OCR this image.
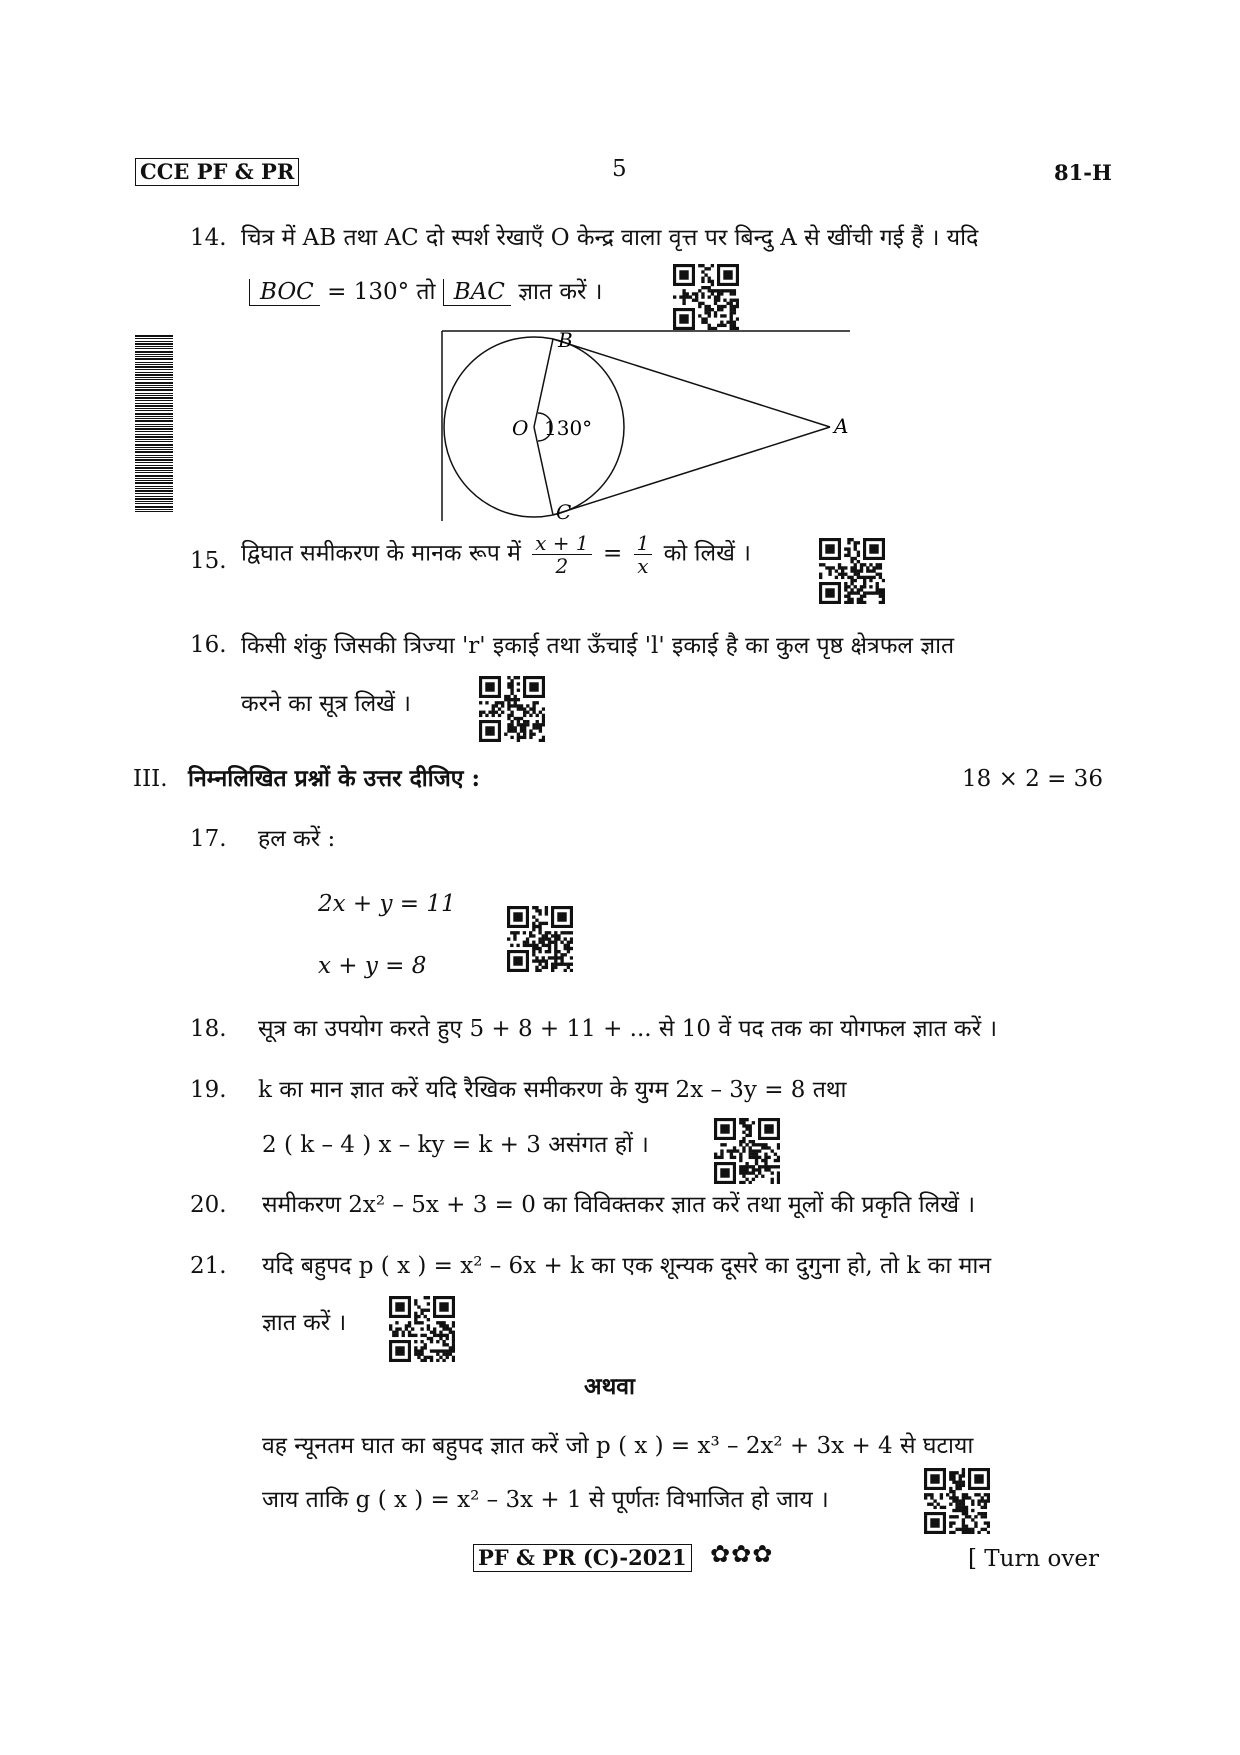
CCE PF & PR	5	81-H
14. चित्र में AB तथा AC दो स्पर्श रेखाएँ O केन्द्र वाला वृत्त पर बिन्दु A से खींची गई हैं । यदि
BOC = 130° तो BAC ज्ञात करें ।
B
O 130°	A
C
15. द्विघात समीकरण के मानक रूप में $\frac{x + 1}{2} = \frac{1}{x}$ को लिखें ।
16. किसी शंकु जिसकी त्रिज्या 'r' इकाई तथा ऊँचाई 'l' इकाई है का कुल पृष्ठ क्षेत्रफल ज्ञात
करने का सूत्र लिखें ।
III. निम्नलिखित प्रश्नों के उत्तर दीजिए :	18 × 2 = 36
17. हल करें :
2x + y = 11
x + y = 8
18. सूत्र का उपयोग करते हुए 5 + 8 + 11 + ... से 10 वें पद तक का योगफल ज्ञात करें ।
19. k का मान ज्ञात करें यदि रैखिक समीकरण के युग्म 2x – 3y = 8 तथा
2 ( k – 4 ) x – ky = k + 3 असंगत हों ।
20. समीकरण 2x² – 5x + 3 = 0 का विविक्तकर ज्ञात करें तथा मूलों की प्रकृति लिखें ।
21. यदि बहुपद p ( x ) = x² – 6x + k का एक शून्यक दूसरे का दुगुना हो, तो k का मान
ज्ञात करें ।
अथवा
वह न्यूनतम घात का बहुपद ज्ञात करें जो p ( x ) = x³ – 2x² + 3x + 4 से घटाया
जाय ताकि g ( x ) = x² – 3x + 1 से पूर्णतः विभाजित हो जाय ।
PF & PR (C)-2021 ✿✿✿	[ Turn over
